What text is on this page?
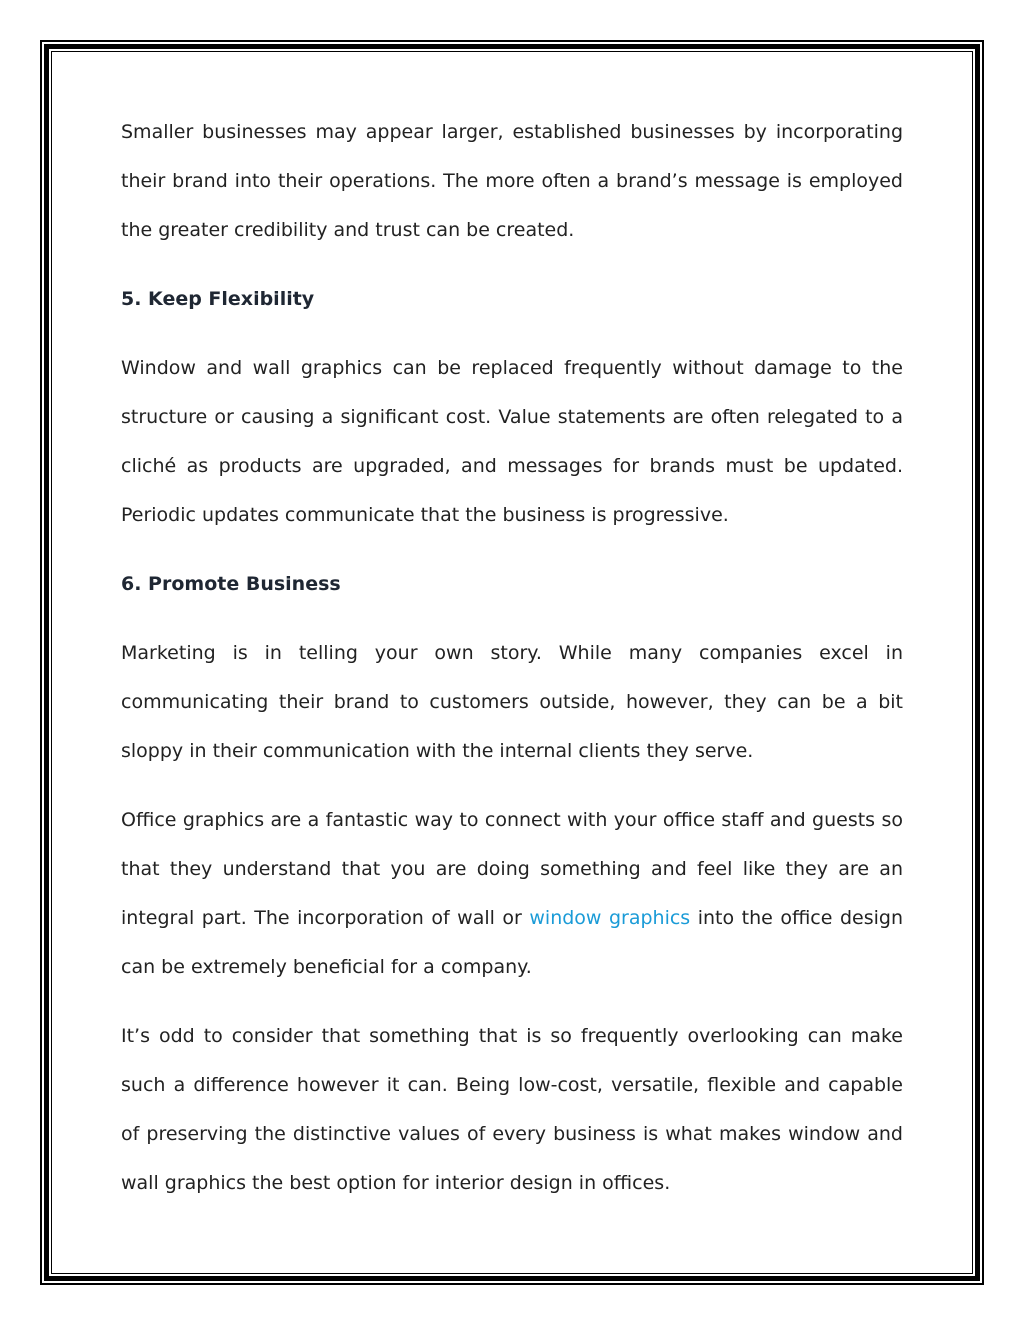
Smaller businesses may appear larger, established businesses by incorporating their brand into their operations. The more often a brand’s message is employed the greater credibility and trust can be created.

5. Keep Flexibility

Window and wall graphics can be replaced frequently without damage to the structure or causing a significant cost. Value statements are often relegated to a cliché as products are upgraded, and messages for brands must be updated. Periodic updates communicate that the business is progressive.

6. Promote Business

Marketing is in telling your own story. While many companies excel in communicating their brand to customers outside, however, they can be a bit sloppy in their communication with the internal clients they serve.

Office graphics are a fantastic way to connect with your office staff and guests so that they understand that you are doing something and feel like they are an integral part. The incorporation of wall or window graphics into the office design can be extremely beneficial for a company.

It’s odd to consider that something that is so frequently overlooking can make such a difference however it can. Being low-cost, versatile, flexible and capable of preserving the distinctive values of every business is what makes window and wall graphics the best option for interior design in offices.
